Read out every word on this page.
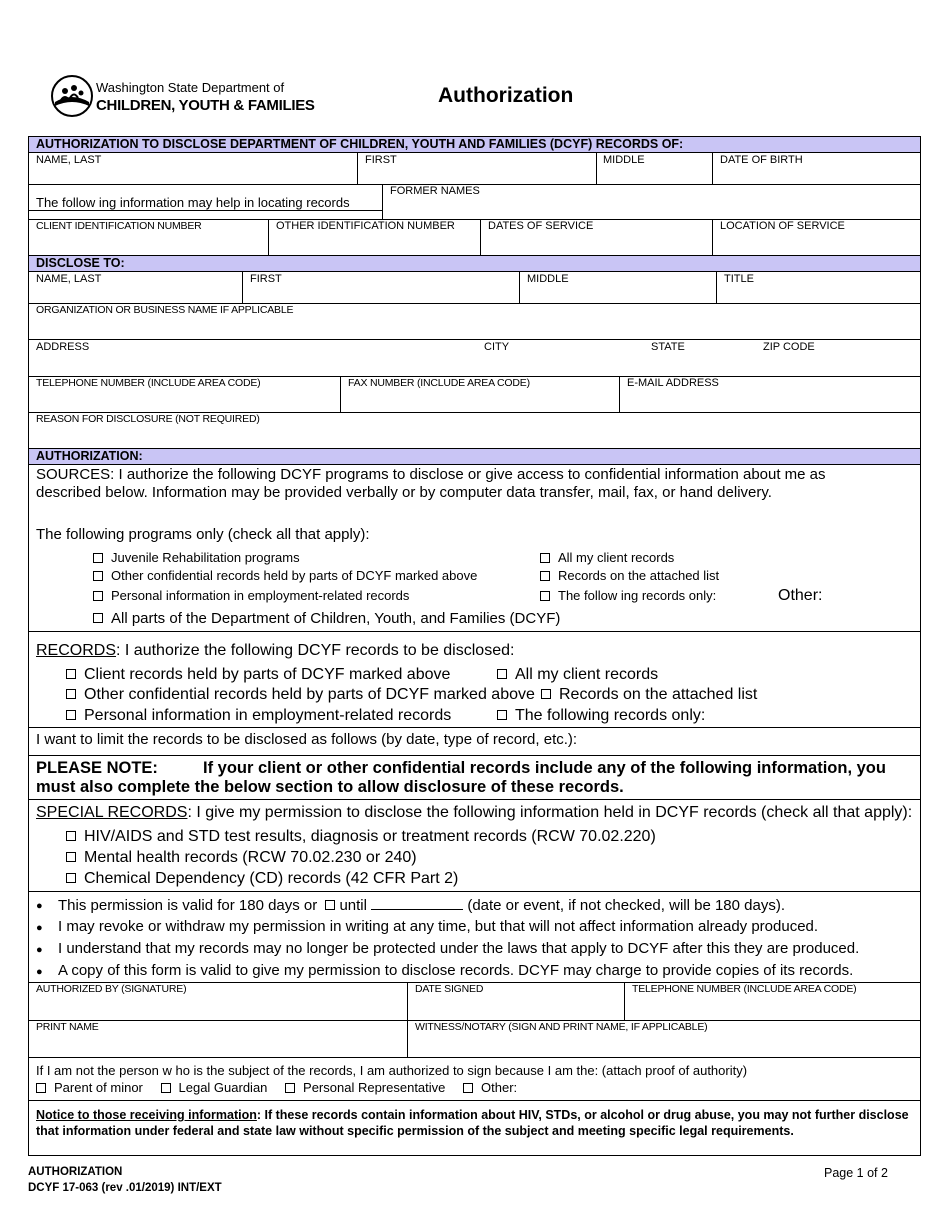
Washington State Department of
CHILDREN, YOUTH & FAMILIES	Authorization
AUTHORIZATION TO DISCLOSE DEPARTMENT OF CHILDREN, YOUTH AND FAMILIES (DCYF) RECORDS OF:
NAME, LAST	FIRST	MIDDLE	DATE OF BIRTH
FORMER NAMES
The follow ing information may help in locating records
CLIENT IDENTIFICATION NUMBER	OTHER IDENTIFICATION NUMBER	DATES OF SERVICE	LOCATION OF SERVICE
DISCLOSE TO:
NAME, LAST	FIRST	MIDDLE	TITLE
ORGANIZATION OR BUSINESS NAME IF APPLICABLE
ADDRESS	CITY	STATE	ZIP CODE
TELEPHONE NUMBER (INCLUDE AREA CODE)	FAX NUMBER (INCLUDE AREA CODE)	E-MAIL ADDRESS
REASON FOR DISCLOSURE (NOT REQUIRED)
AUTHORIZATION:
SOURCES: I authorize the following DCYF programs to disclose or give access to confidential information about me as
described below. Information may be provided verbally or by computer data transfer, mail, fax, or hand delivery.
The following programs only (check all that apply):
Juvenile Rehabilitation programs
Other confidential records held by parts of DCYF marked above
Personal information in employment-related records
All parts of the Department of Children, Youth, and Families (DCYF)
All my client records
Records on the attached list
The follow ing records only:	Other:
RECORDS: I authorize the following DCYF records to be disclosed:
Client records held by parts of DCYF marked above
Other confidential records held by parts of DCYF marked above
Personal information in employment-related records
All my client records
Records on the attached list
The following records only:
I want to limit the records to be disclosed as follows (by date, type of record, etc.):
PLEASE NOTE:	If your client or other confidential records include any of the following information, you
must also complete the below section to allow disclosure of these records.
SPECIAL RECORDS: I give my permission to disclose the following information held in DCYF records (check all that apply):
HIV/AIDS and STD test results, diagnosis or treatment records (RCW 70.02.220)
Mental health records (RCW 70.02.230 or 240)
Chemical Dependency (CD) records (42 CFR Part 2)
● This permission is valid for 180 days or until	(date or event, if not checked, will be 180 days).
● I may revoke or withdraw my permission in writing at any time, but that will not affect information already produced.
● I understand that my records may no longer be protected under the laws that apply to DCYF after this they are produced.
● A copy of this form is valid to give my permission to disclose records. DCYF may charge to provide copies of its records.
AUTHORIZED BY (SIGNATURE)	DATE SIGNED	TELEPHONE NUMBER (INCLUDE AREA CODE)
PRINT NAME	WITNESS/NOTARY (SIGN AND PRINT NAME, IF APPLICABLE)
If I am not the person w ho is the subject of the records, I am authorized to sign because I am the: (attach proof of authority)
Parent of minor	Legal Guardian	Personal Representative	Other:
Notice to those receiving information: If these records contain information about HIV, STDs, or alcohol or drug abuse, you may not further disclose that information under federal and state law without specific permission of the subject and meeting specific legal requirements.
AUTHORIZATION
DCYF 17-063 (rev .01/2019) INT/EXT
Page 1 of 2
